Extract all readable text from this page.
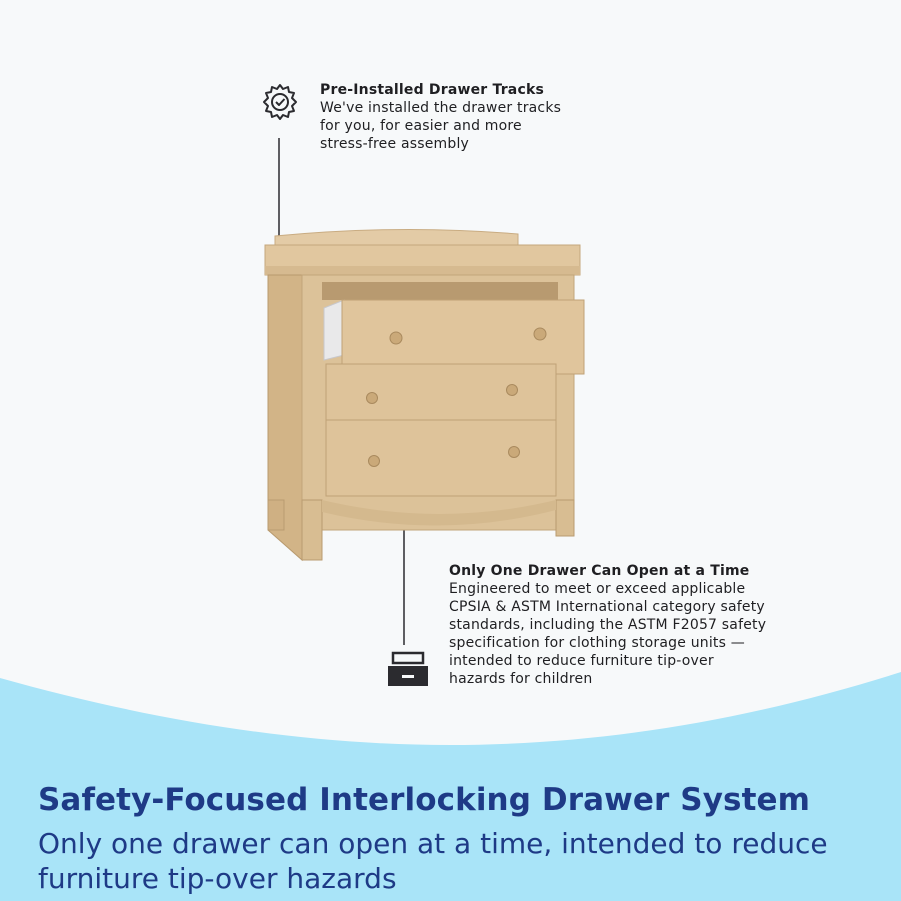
Pre-Installed Drawer Tracks
We've installed the drawer tracks
for you, for easier and more
stress-free assembly
Only One Drawer Can Open at a Time
Engineered to meet or exceed applicable
CPSIA & ASTM International category safety
standards, including the ASTM F2057 safety
specification for clothing storage units —
intended to reduce furniture tip-over
hazards for children
Safety-Focused Interlocking Drawer System

Only one drawer can open at a time, intended to reduce furniture tip-over hazards
